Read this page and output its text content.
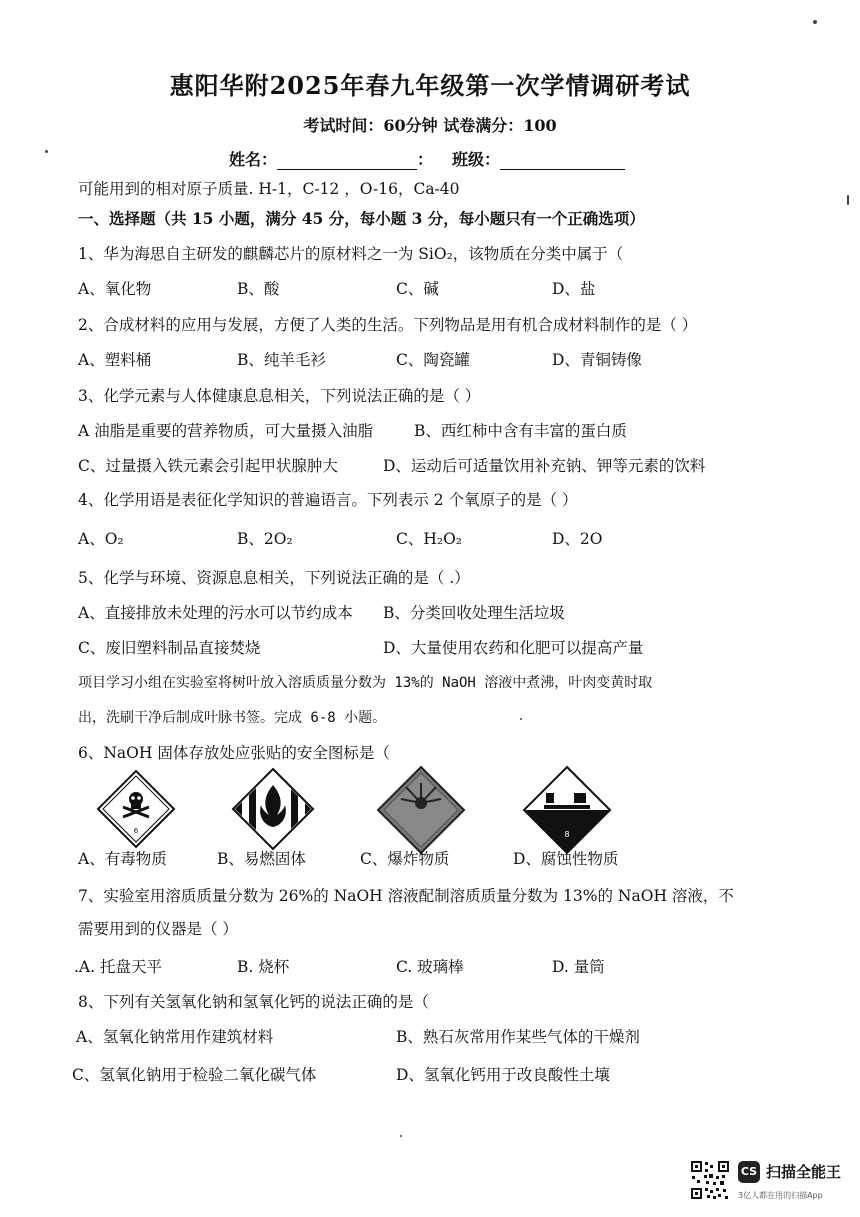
惠阳华附2025年春九年级第一次学情调研考试
考试时间：60分钟 试卷满分：100
姓名：	： 班级：
可能用到的相对原子质量. H-1，C-12 ，O-16，Ca-40
一、选择题（共 15 小题，满分 45 分，每小题 3 分，每小题只有一个正确选项）
1、华为海思自主研发的麒麟芯片的原材料之一为 SiO₂，该物质在分类中属于（
A、氧化物	B、酸	C、碱	D、盐
2、合成材料的应用与发展，方便了人类的生活。下列物品是用有机合成材料制作的是（ ）
A、塑料桶	B、纯羊毛衫	C、陶瓷罐	D、青铜铸像
3、化学元素与人体健康息息相关，下列说法正确的是（ ）
A 油脂是重要的营养物质，可大量摄入油脂	B、西红柿中含有丰富的蛋白质
C、过量摄入铁元素会引起甲状腺肿大	D、运动后可适量饮用补充钠、钾等元素的饮料
4、化学用语是表征化学知识的普遍语言。下列表示 2 个氧原子的是（ ）
A、O₂	B、2O₂	C、H₂O₂	D、2O
5、化学与环境、资源息息相关，下列说法正确的是（ .）
A、直接排放未处理的污水可以节约成本 B、分类回收处理生活垃圾
C、废旧塑料制品直接焚烧	D、大量使用农药和化肥可以提高产量
项目学习小组在实验室将树叶放入溶质质量分数为 13%的 NaOH 溶液中煮沸，叶肉变黄时取
出，洗刷干净后制成叶脉书签。完成 6-8 小题。
6、NaOH 固体存放处应张贴的安全图标是（
6
4	8
A、有毒物质	B、易燃固体	C、爆炸物质	D、腐蚀性物质
7、实验室用溶质质量分数为 26%的 NaOH 溶液配制溶质质量分数为 13%的 NaOH 溶液，不
需要用到的仪器是（ ）
.A. 托盘天平	B. 烧杯	C. 玻璃棒	D. 量筒
8、下列有关氢氧化钠和氢氧化钙的说法正确的是（
A、氢氧化钠常用作建筑材料	B、熟石灰常用作某些气体的干燥剂
C、氢氧化钠用于检验二氧化碳气体	D、氢氧化钙用于改良酸性土壤
CS 扫描全能王
3亿人都在用的扫描App
